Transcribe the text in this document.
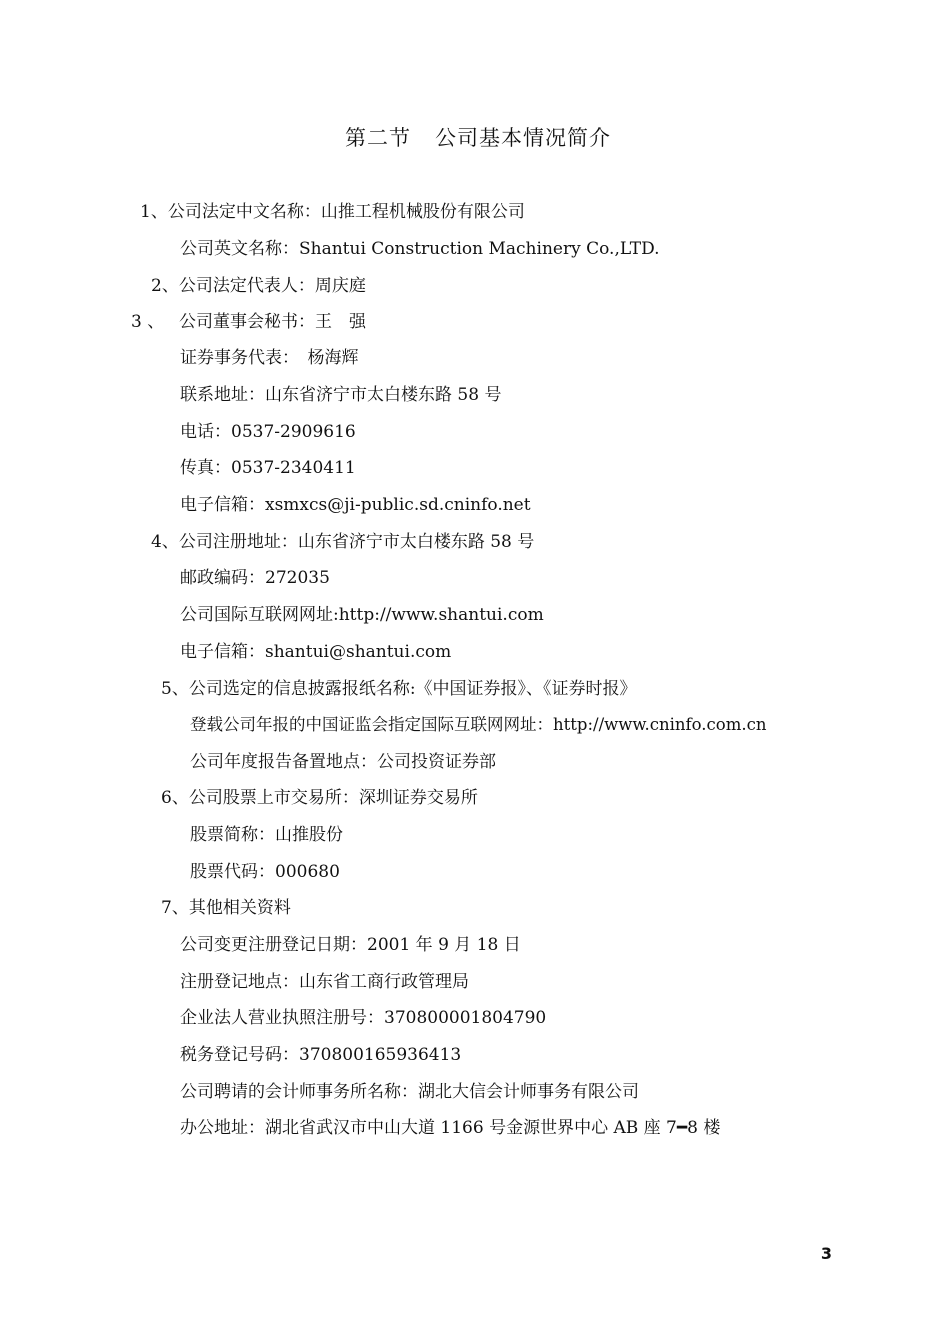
第二节 公司基本情况简介
1、公司法定中文名称：山推工程机械股份有限公司
公司英文名称：Shantui Construction Machinery Co.,LTD.
2、公司法定代表人：周庆庭
3 、 公司董事会秘书：王　强
证券事务代表：　杨海辉
联系地址：山东省济宁市太白楼东路 58 号
电话：0537-2909616
传真：0537-2340411
电子信箱：xsmxcs@ji-public.sd.cninfo.net
4、公司注册地址：山东省济宁市太白楼东路 58 号
邮政编码：272035
公司国际互联网网址:http://www.shantui.com
电子信箱：shantui@shantui.com
5、公司选定的信息披露报纸名称:《中国证券报》、《证券时报》
登载公司年报的中国证监会指定国际互联网网址：http://www.cninfo.com.cn
公司年度报告备置地点：公司投资证券部
6、公司股票上市交易所：深圳证券交易所
股票简称：山推股份
股票代码：000680
7、其他相关资料
公司变更注册登记日期：2001 年 9 月 18 日
注册登记地点：山东省工商行政管理局
企业法人营业执照注册号：370800001804790
税务登记号码：370800165936413
公司聘请的会计师事务所名称：湖北大信会计师事务有限公司
办公地址：湖北省武汉市中山大道 1166 号金源世界中心 AB 座 7━8 楼
3
